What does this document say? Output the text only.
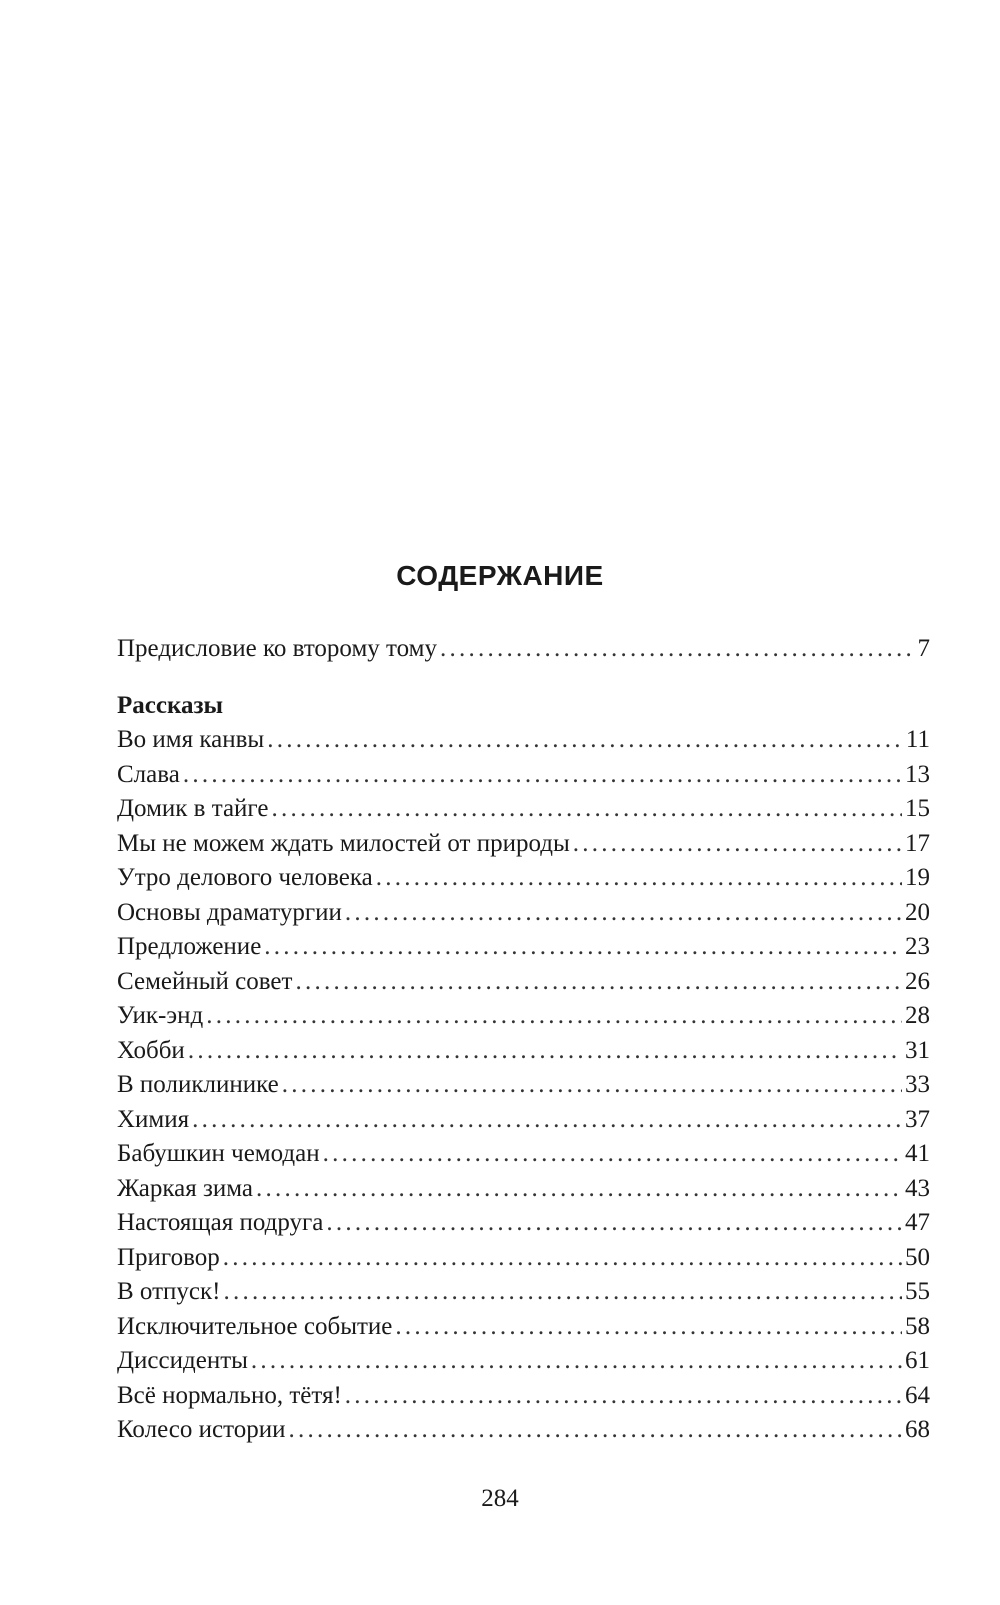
СОДЕРЖАНИЕ
Предисловие ко второму тому . . .	7
Рассказы
Во имя канвы . . .	11
Слава . . .	13
Домик в тайге . . .	15
Мы не можем ждать милостей от природы . . .	17
Утро делового человека . . .	19
Основы драматургии . . .	20
Предложение . . .	23
Семейный совет . . .	26
Уик-энд . . .	28
Хобби . . .	31
В поликлинике . . .	33
Химия . . .	37
Бабушкин чемодан . . .	41
Жаркая зима . . .	43
Настоящая подруга . . .	47
Приговор . . .	50
В отпуск! . . .	55
Исключительное событие . . .	58
Диссиденты . . .	61
Всё нормально, тётя! . . .	64
Колесо истории . . .	68
284
